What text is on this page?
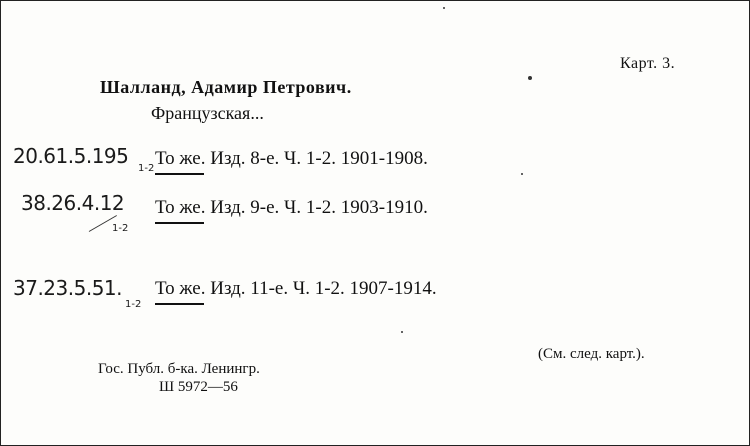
Карт. 3.
Шалланд, Адамир Петрович.
Французская...
20.61.5.195
1-2 То же. Изд. 8-е. Ч. 1-2. 1901-1908.
38.26.4.12
1-2
То же. Изд. 9-е. Ч. 1-2. 1903-1910.
37.23.5.51.
1-2
То же. Изд. 11-е. Ч. 1-2. 1907-1914.
Гос. Публ. б-ка. Ленингр.
Ш 5972—56
(См. след. карт.).
